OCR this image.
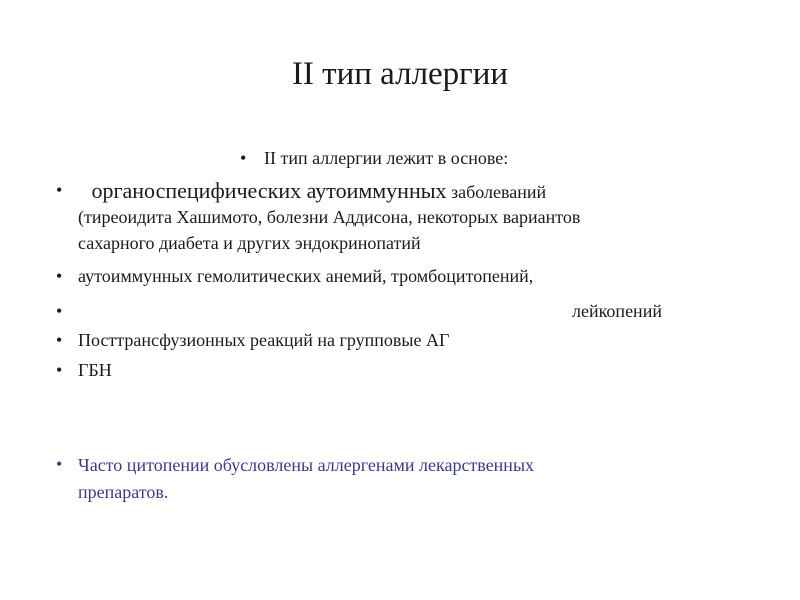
II тип аллергии
• II тип аллергии лежит в основе:
•	органоспецифических аутоиммунных заболеваний
(тиреоидита Хашимото, болезни Аддисона, некоторых вариантов
сахарного диабета и других эндокринопатий
• аутоиммунных гемолитических анемий, тромбоцитопений,
•	лейкопений
• Посттрансфузионных реакций на групповые АГ
• ГБН
• Часто цитопении обусловлены аллергенами лекарственных
препаратов.
